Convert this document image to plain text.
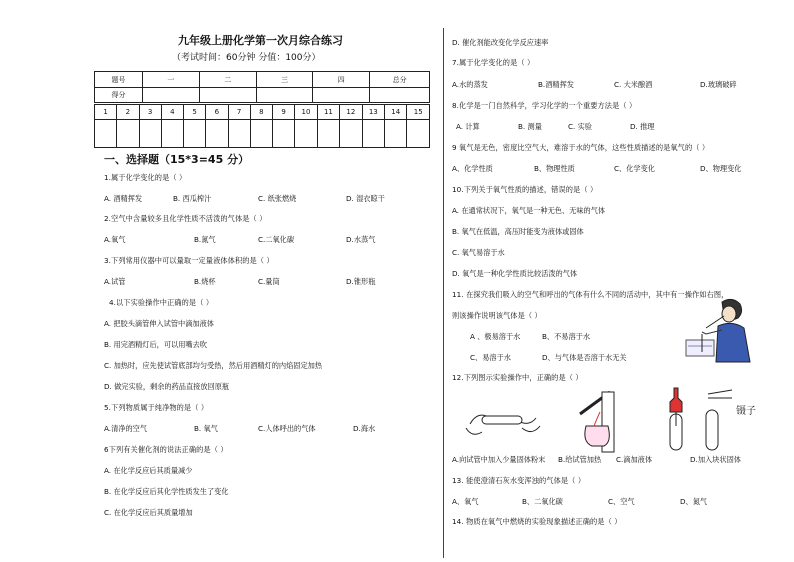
九年级上册化学第一次月综合练习
（考试时间：60分钟 分值：100分）
题号	一	二	三	四	总分
得分					
1	2	3	4	5	6	7	8	9	10	11	12	13	14	15

一、选择题（15*3=45 分）
1.属于化学变化的是（ ）
A. 酒精挥发	B. 西瓜榨汁	C. 纸张燃烧	D. 湿衣晾干
2.空气中含量较多且化学性质不活泼的气体是（ ）
A.氧气	B.氮气	C.二氧化碳	D.水蒸气
3.下列常用仪器中可以量取一定量液体体积的是（ ）
A.试管	B.烧杯	C.量筒	D.锥形瓶
4.以下实验操作中正确的是（ ）
A. 把胶头滴管伸入试管中滴加液体
B. 用完酒精灯后，可以用嘴去吹
C. 加热时，应先使试管底部均匀受热，然后用酒精灯的内焰固定加热
D. 做完实验，剩余的药品直接放回原瓶
5.下列物质属于纯净物的是（ ）
A.清净的空气	B. 氧气	C.人体呼出的气体	D.海水
6下列有关催化剂的说法正确的是（ ）
A. 在化学反应后其质量减少
B. 在化学反应后其化学性质发生了变化
C. 在化学反应后其质量增加
D. 催化剂能改变化学反应速率
7.属于化学变化的是（ ）
A.水的蒸发	B.酒精挥发	C. 大米酿酒	D.玻璃破碎
8.化学是一门自然科学，学习化学的一个重要方法是（ ）
A. 计算	B. 测量	C. 实验	D. 推理
9 氧气是无色，密度比空气大，难溶于水的气体，这些性质描述的是氧气的（ ）
A、化学性质	B、物理性质	C、化学变化	D、物理变化
10.下列关于氧气性质的描述，错误的是（ ）
A. 在通常状况下，氧气是一种无色、无味的气体
B. 氧气在低温，高压时能变为液体或固体
C. 氧气易溶于水
D. 氧气是一种化学性质比较活泼的气体
11. 在探究我们吸入的空气和呼出的气体有什么不同的活动中，其中有一操作如右图，
则该操作说明该气体是（ ）
A 、极易溶于水	B、不易溶于水
C、易溶于水	D、与气体是否溶于水无关
12.下列图示实验操作中，正确的是（ ）
A.向试管中加入少量固体粉末 B.给试管加热 C.滴加液体	D.加入块状固体
13. 能使澄清石灰水变浑浊的气体是（ ）
A、氧气	B、二氧化碳	C、空气	D、氮气
14. 物质在氧气中燃烧的实验现象描述正确的是（ ）
镊子
